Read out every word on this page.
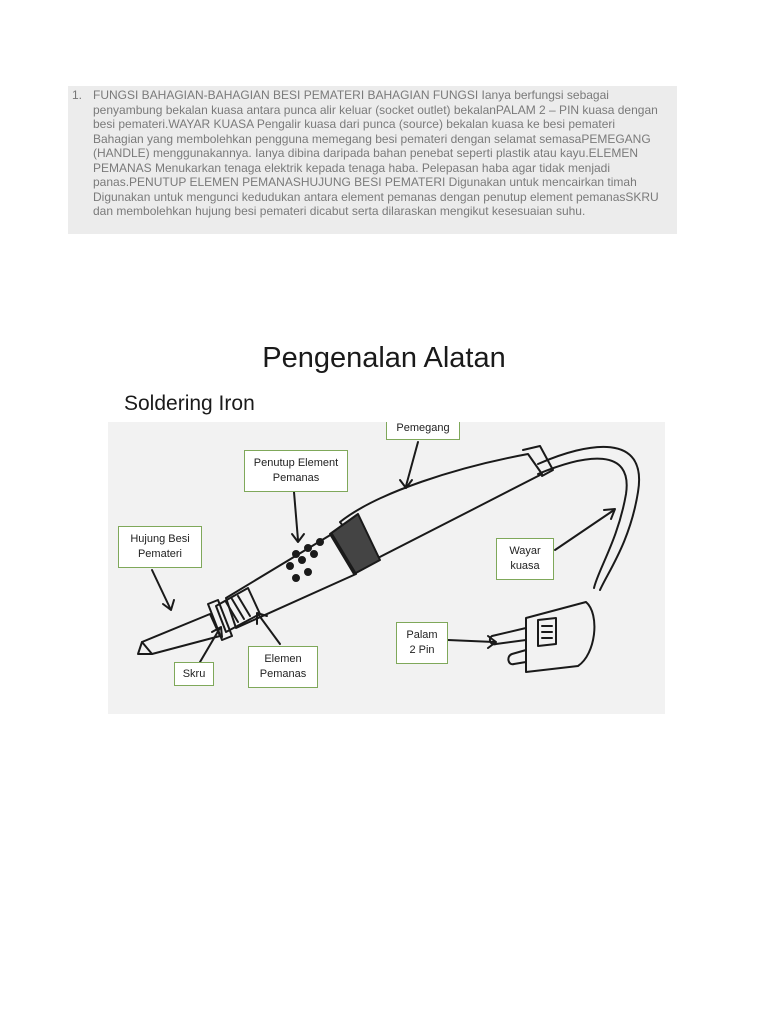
1. FUNGSI BAHAGIAN-BAHAGIAN BESI PEMATERI BAHAGIAN FUNGSI Ianya berfungsi sebagai penyambung bekalan kuasa antara punca alir keluar (socket outlet) bekalanPALAM 2 – PIN kuasa dengan besi pemateri.WAYAR KUASA Pengalir kuasa dari punca (source) bekalan kuasa ke besi pemateri Bahagian yang membolehkan pengguna memegang besi pemateri dengan selamat semasaPEMEGANG (HANDLE) menggunakannya. Ianya dibina daripada bahan penebat seperti plastik atau kayu.ELEMEN PEMANAS Menukarkan tenaga elektrik kepada tenaga haba. Pelepasan haba agar tidak menjadi panas.PENUTUP ELEMEN PEMANASHUJUNG BESI PEMATERI Digunakan untuk mencairkan timah Digunakan untuk mengunci kedudukan antara element pemanas dengan penutup element pemanasSKRU dan membolehkan hujung besi pemateri dicabut serta dilaraskan mengikut kesesuaian suhu.
Pengenalan Alatan
Soldering Iron
Pemegang
Penutup Element
Pemanas
Hujung Besi
Pemateri	Wayar
kuasa
Palam
2 Pin
Elemen
Pemanas
Skru
